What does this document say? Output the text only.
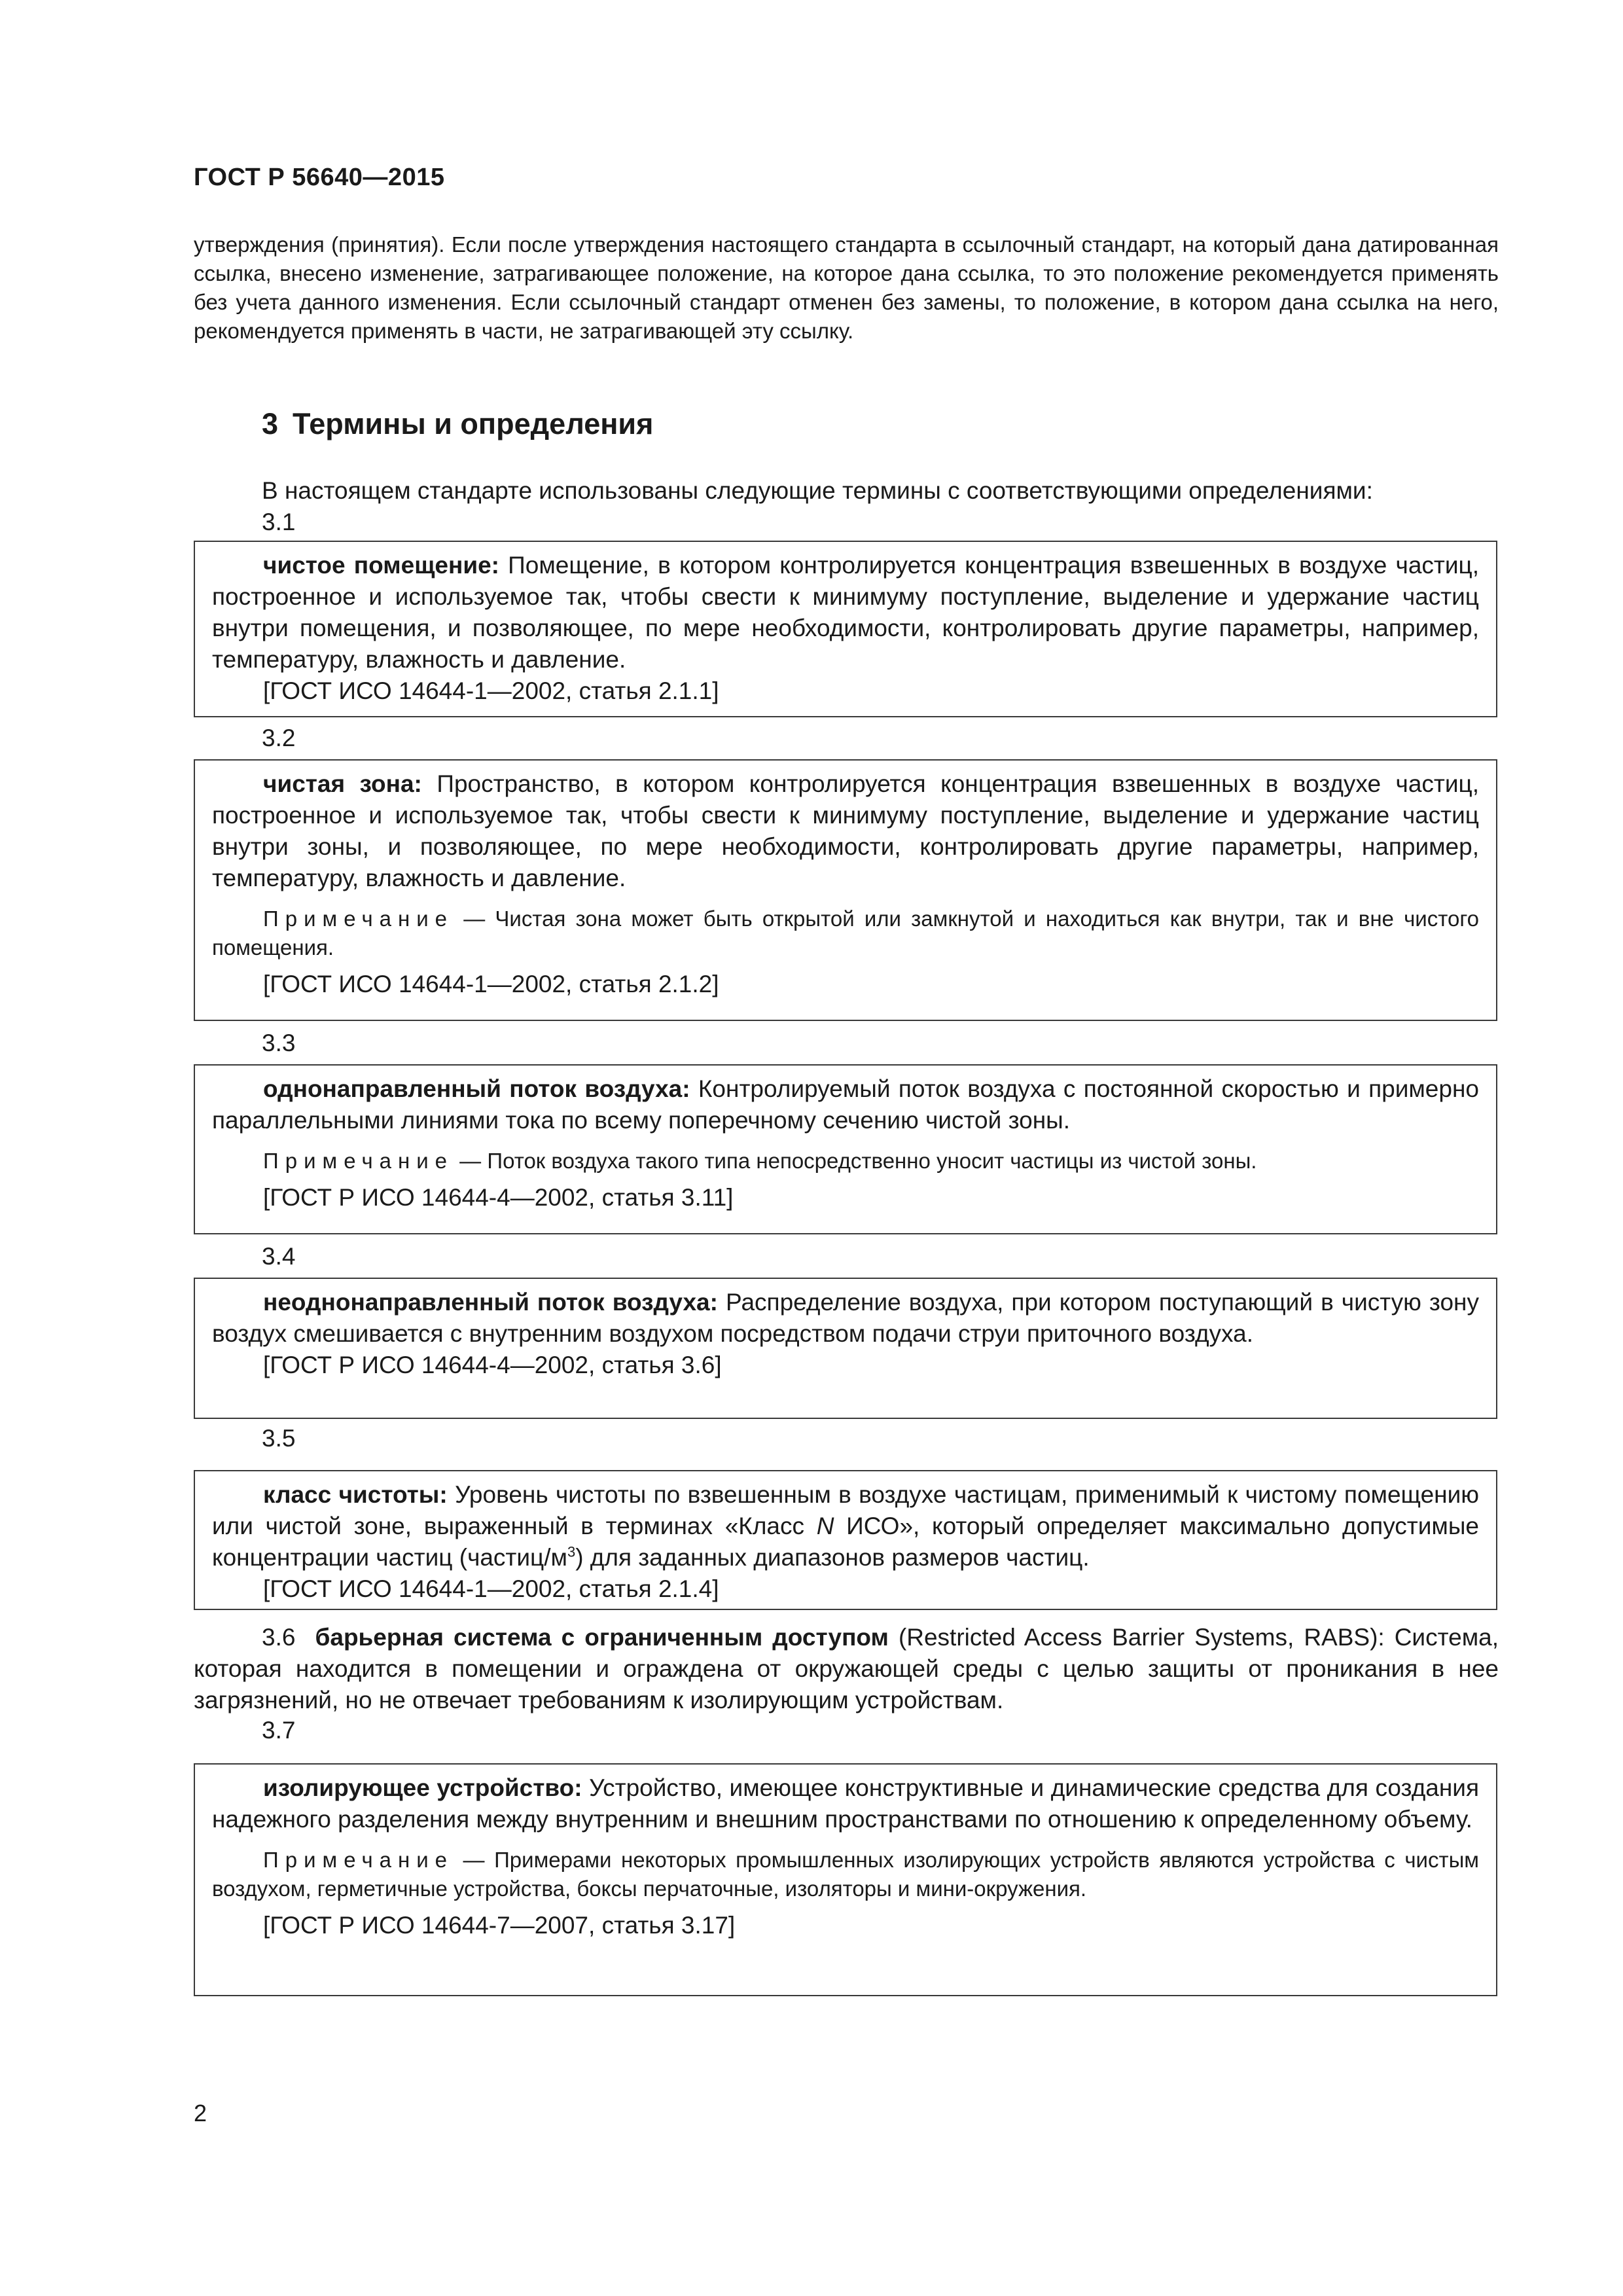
ГОСТ Р 56640—2015
утверждения (принятия). Если после утверждения настоящего стандарта в ссылочный стандарт, на который дана датированная ссылка, внесено изменение, затрагивающее положение, на которое дана ссылка, то это положение рекомендуется применять без учета данного изменения. Если ссылочный стандарт отменен без замены, то положение, в котором дана ссылка на него, рекомендуется применять в части, не затрагивающей эту ссылку.
3 Термины и определения
В настоящем стандарте использованы следующие термины с соответствующими определениями:
3.1

чистое помещение: Помещение, в котором контролируется концентрация взвешенных в воздухе частиц, построенное и используемое так, чтобы свести к минимуму поступление, выделение и удержание частиц внутри помещения, и позволяющее, по мере необходимости, контролировать другие параметры, например, температуру, влажность и давление.

[ГОСТ ИСО 14644-1—2002, статья 2.1.1]

3.2

чистая зона: Пространство, в котором контролируется концентрация взвешенных в воздухе частиц, построенное и используемое так, чтобы свести к минимуму поступление, выделение и удержание частиц внутри зоны, и позволяющее, по мере необходимости, контролировать другие параметры, например, температуру, влажность и давление.

Примечание — Чистая зона может быть открытой или замкнутой и находиться как внутри, так и вне чистого помещения.

[ГОСТ ИСО 14644-1—2002, статья 2.1.2]

3.3

однонаправленный поток воздуха: Контролируемый поток воздуха с постоянной скоростью и примерно параллельными линиями тока по всему поперечному сечению чистой зоны.

Примечание — Поток воздуха такого типа непосредственно уносит частицы из чистой зоны.

[ГОСТ Р ИСО 14644-4—2002, статья 3.11]

3.4

неоднонаправленный поток воздуха: Распределение воздуха, при котором поступающий в чистую зону воздух смешивается с внутренним воздухом посредством подачи струи приточного воздуха.

[ГОСТ Р ИСО 14644-4—2002, статья 3.6]

3.5

класс чистоты: Уровень чистоты по взвешенным в воздухе частицам, применимый к чистому помещению или чистой зоне, выраженный в терминах «Класс N ИСО», который определяет максимально допустимые концентрации частиц $(частиц/м^3)$ для заданных диапазонов размеров частиц.

[ГОСТ ИСО 14644-1—2002, статья 2.1.4]

3.6 барьерная система с ограниченным доступом (Restricted Access Barrier Systems, RABS): Система, которая находится в помещении и ограждена от окружающей среды с целью защиты от проникания в нее загрязнений, но не отвечает требованиям к изолирующим устройствам.
3.7

изолирующее устройство: Устройство, имеющее конструктивные и динамические средства для создания надежного разделения между внутренним и внешним пространствами по отношению к определенному объему.

Примечание — Примерами некоторых промышленных изолирующих устройств являются устройства с чистым воздухом, герметичные устройства, боксы перчаточные, изоляторы и мини-окружения.

[ГОСТ Р ИСО 14644-7—2007, статья 3.17]

2
